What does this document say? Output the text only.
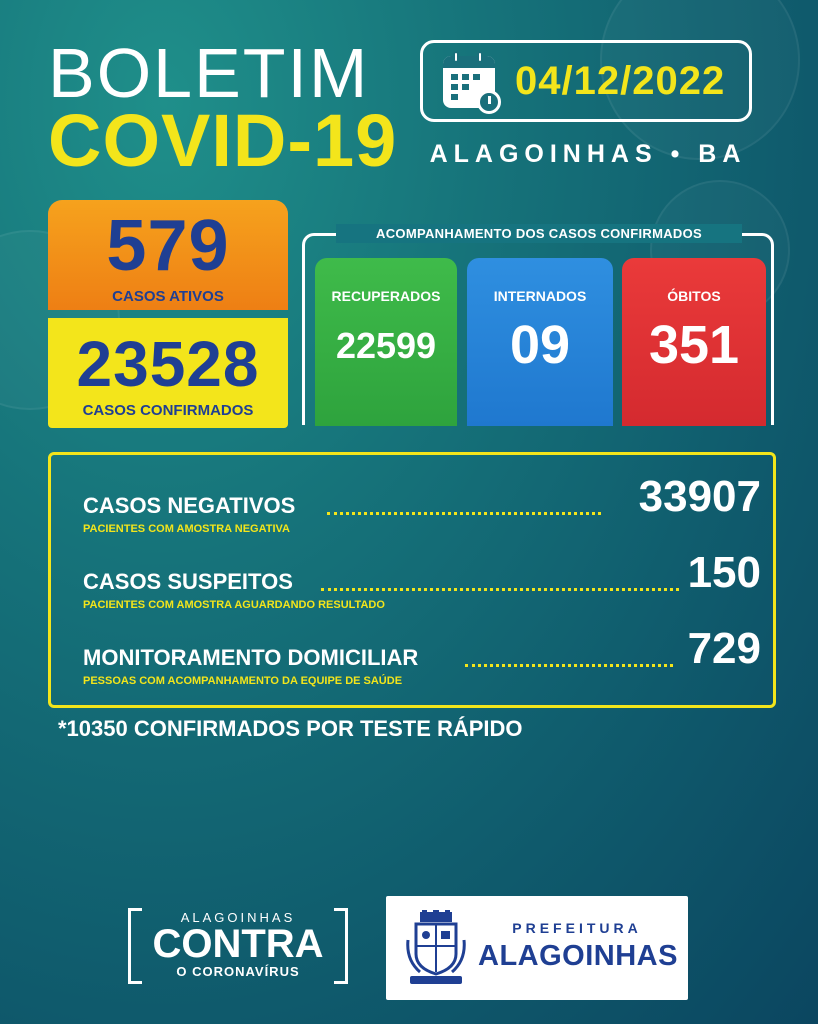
BOLETIM
COVID-19
04/12/2022
ALAGOINHAS • BA
579
CASOS ATIVOS
23528
CASOS CONFIRMADOS
ACOMPANHAMENTO DOS CASOS CONFIRMADOS
RECUPERADOS
22599
INTERNADOS
09
ÓBITOS
351
CASOS NEGATIVOS	33907
PACIENTES COM AMOSTRA NEGATIVA
CASOS SUSPEITOS	150
PACIENTES COM AMOSTRA AGUARDANDO RESULTADO
MONITORAMENTO DOMICILIAR	729
PESSOAS COM ACOMPANHAMENTO DA EQUIPE DE SAÚDE
*10350 CONFIRMADOS POR TESTE RÁPIDO
ALAGOINHAS
CONTRA
O CORONAVÍRUS
PREFEITURA
ALAGOINHAS
